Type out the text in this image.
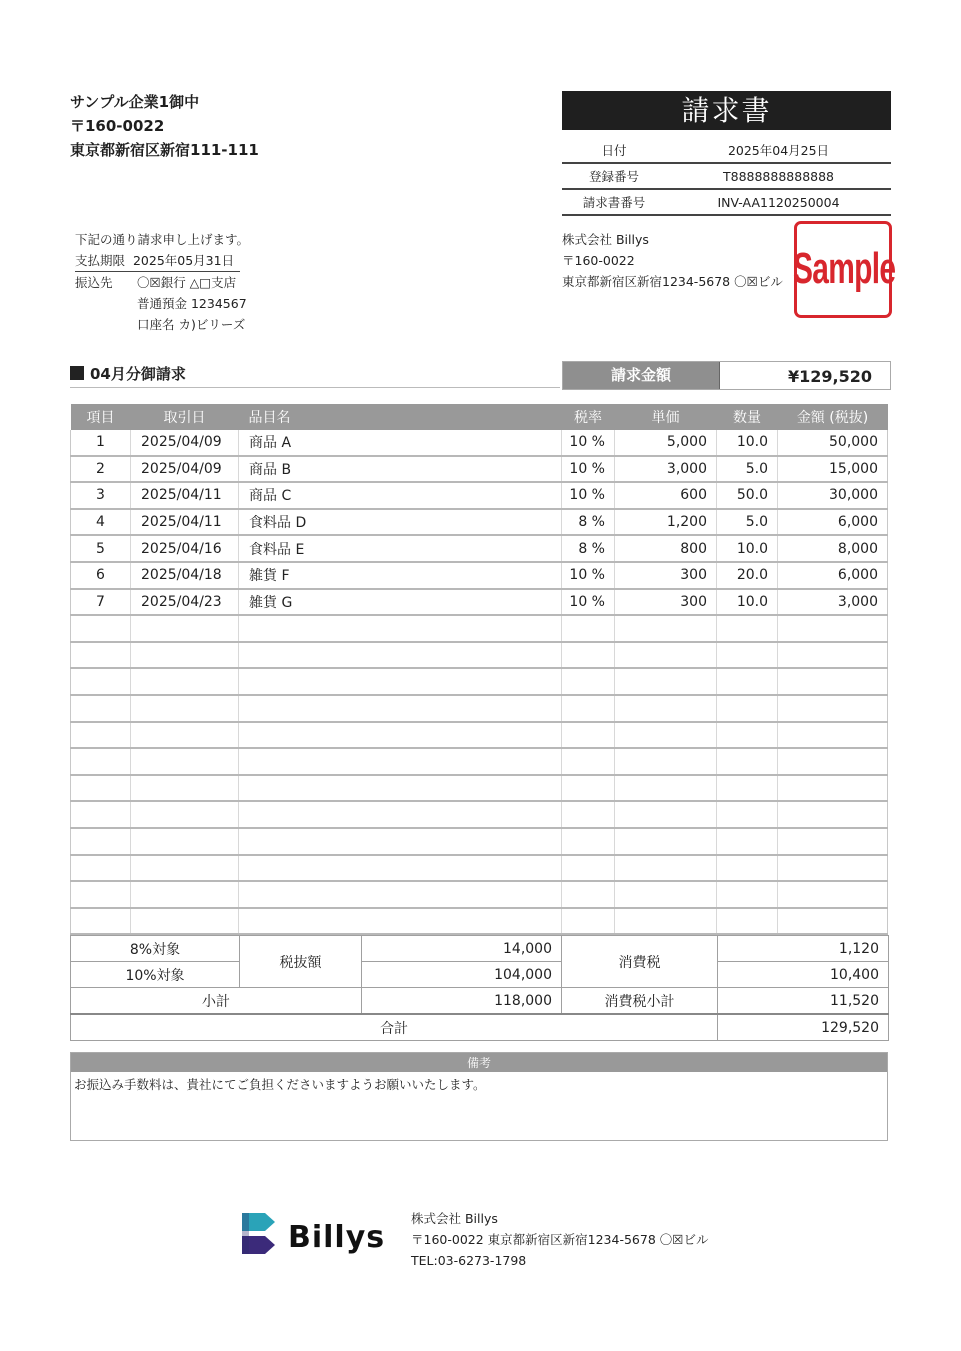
サンプル企業1御中
〒160-0022
東京都新宿区新宿111-111
請求書
日付	2025年04月25日
登録番号	T8888888888888
請求書番号	INV-AA1120250004
下記の通り請求申し上げます。
支払期限 2025年05月31日
振込先	〇☒銀行 △□支店
普通預金 1234567
口座名 カ)ビリーズ
株式会社 Billys
〒160-0022
東京都新宿区新宿1234-5678 〇☒ビル Sample
04月分御請求	請求金額	¥129,520
項目	取引日	品目名	税率	単価	数量	金額 (税抜)
1	2025/04/09	商品 A	10 %	5,000	10.0	50,000
2	2025/04/09	商品 B	10 %	3,000	5.0	15,000
3	2025/04/11	商品 C	10 %	600	50.0	30,000
4	2025/04/11	食料品 D	8 %	1,200	5.0	6,000
5	2025/04/16	食料品 E	8 %	800	10.0	8,000
6	2025/04/18	雑貨 F	10 %	300	20.0	6,000
7	2025/04/23	雑貨 G	10 %	300	10.0	3,000

8%対象	税抜額	14,000	消費税	1,120
10%対象		104,000		10,400
小計		118,000	消費税小計	11,520
合計				129,520
備考
お振込み手数料は、貴社にてご負担くださいますようお願いいたします。
Billys
株式会社 Billys
〒160-0022 東京都新宿区新宿1234-5678 〇☒ビル
TEL:03-6273-1798
